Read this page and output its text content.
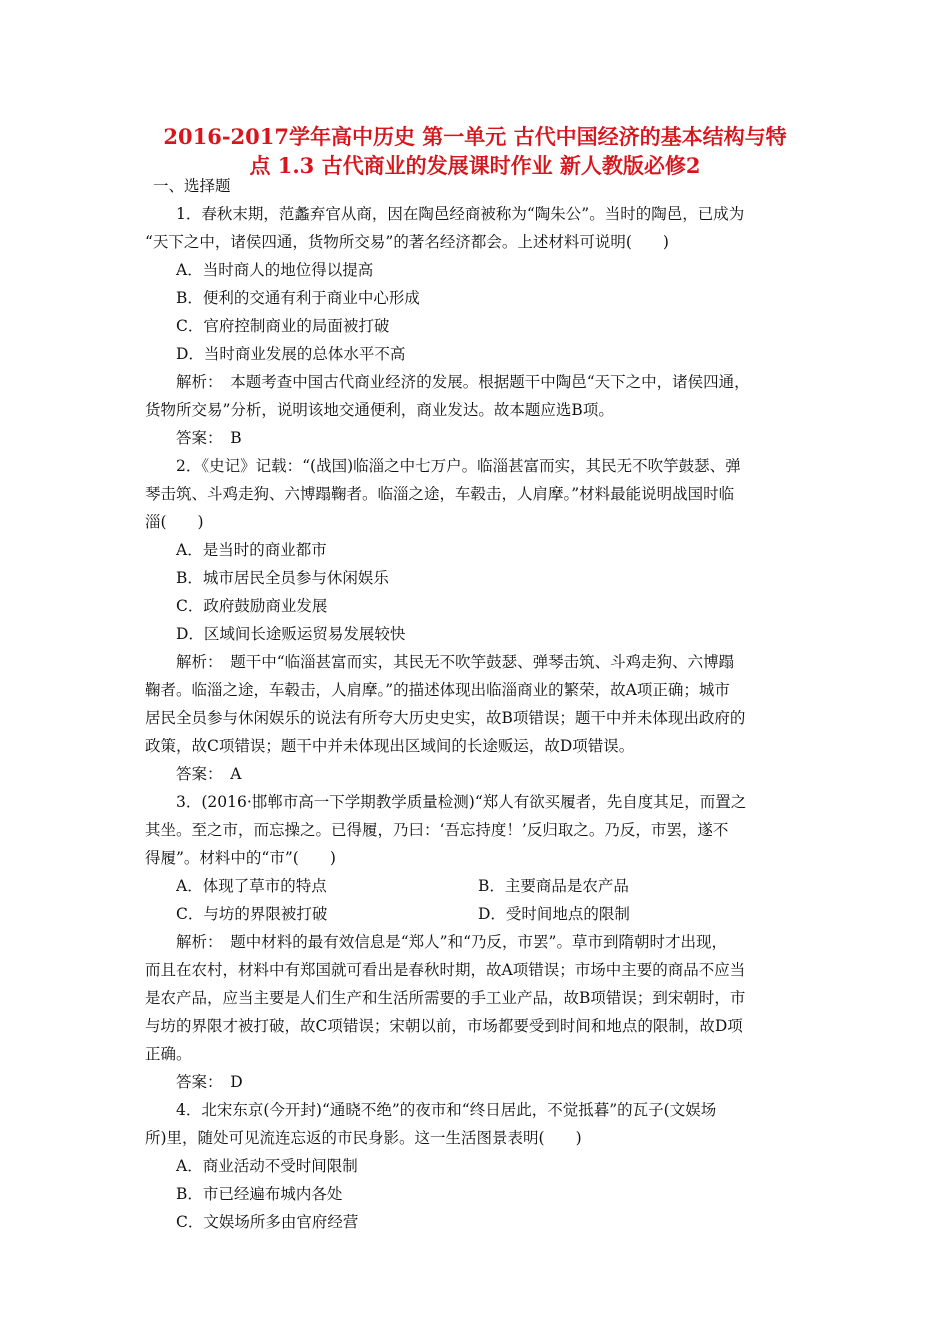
2016-2017学年高中历史 第一单元 古代中国经济的基本结构与特
点 1.3 古代商业的发展课时作业 新人教版必修2
一、选择题
1．春秋末期，范蠡弃官从商，因在陶邑经商被称为“陶朱公”。当时的陶邑，已成为
“天下之中，诸侯四通，货物所交易”的著名经济都会。上述材料可说明(　　)
A．当时商人的地位得以提高
B．便利的交通有利于商业中心形成
C．官府控制商业的局面被打破
D．当时商业发展的总体水平不高
解析：　本题考查中国古代商业经济的发展。根据题干中陶邑“天下之中，诸侯四通，
货物所交易”分析，说明该地交通便利，商业发达。故本题应选B项。
答案：　B
2．《史记》记载：“(战国)临淄之中七万户。临淄甚富而实，其民无不吹竽鼓瑟、弹
琴击筑、斗鸡走狗、六博蹋鞠者。临淄之途，车毂击，人肩摩。”材料最能说明战国时临
淄(　　)
A．是当时的商业都市
B．城市居民全员参与休闲娱乐
C．政府鼓励商业发展
D．区域间长途贩运贸易发展较快
解析：　题干中“临淄甚富而实，其民无不吹竽鼓瑟、弹琴击筑、斗鸡走狗、六博蹋
鞠者。临淄之途，车毂击，人肩摩。”的描述体现出临淄商业的繁荣，故A项正确；城市
居民全员参与休闲娱乐的说法有所夸大历史史实，故B项错误；题干中并未体现出政府的
政策，故C项错误；题干中并未体现出区域间的长途贩运，故D项错误。
答案：　A
3．(2016·邯郸市高一下学期教学质量检测)“郑人有欲买履者，先自度其足，而置之
其坐。至之市，而忘操之。已得履，乃曰：‘吾忘持度！’反归取之。乃反，市罢，遂不
得履”。材料中的“市”(　　)
A．体现了草市的特点	B．主要商品是农产品
C．与坊的界限被打破	D．受时间地点的限制
解析：　题中材料的最有效信息是“郑人”和“乃反，市罢”。草市到隋朝时才出现，
而且在农村，材料中有郑国就可看出是春秋时期，故A项错误；市场中主要的商品不应当
是农产品，应当主要是人们生产和生活所需要的手工业产品，故B项错误；到宋朝时，市
与坊的界限才被打破，故C项错误；宋朝以前，市场都要受到时间和地点的限制，故D项
正确。
答案：　D
4．北宋东京(今开封)“通晓不绝”的夜市和“终日居此，不觉抵暮”的瓦子(文娱场
所)里，随处可见流连忘返的市民身影。这一生活图景表明(　　)
A．商业活动不受时间限制
B．市已经遍布城内各处
C．文娱场所多由官府经营
